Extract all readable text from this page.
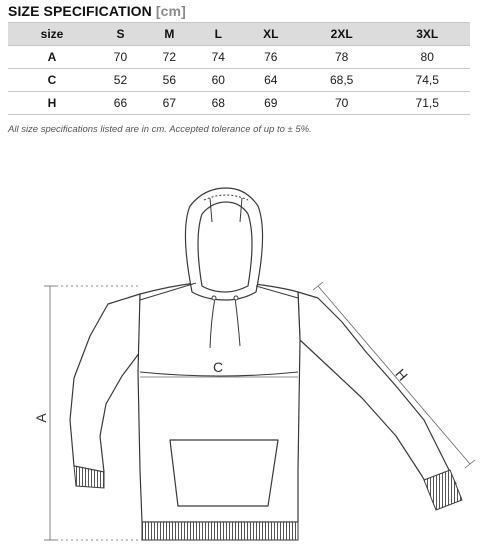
SIZE SPECIFICATION [cm]
size	S	M	L	XL	2XL	3XL
A	70	72	74	76	78	80
C	52	56	60	64	68,5	74,5
H	66	67	68	69	70	71,5
All size specifications listed are in cm. Accepted tolerance of up to ± 5%.
A
C	H
